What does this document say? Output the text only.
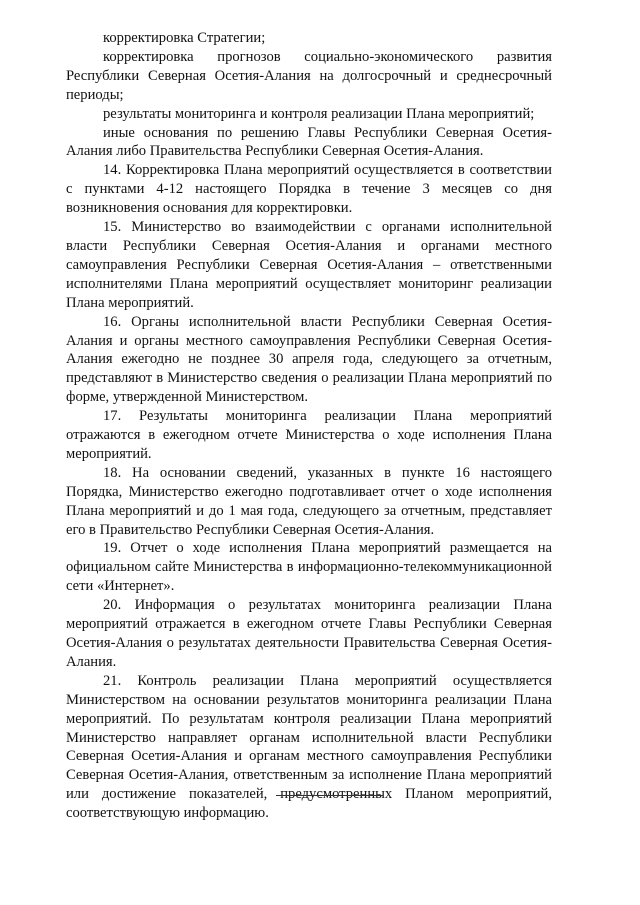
корректировка Стратегии;

корректировка прогнозов социально-экономического развития Республики Северная Осетия-Алания на долгосрочный и среднесрочный периоды;

результаты мониторинга и контроля реализации Плана мероприятий;

иные основания по решению Главы Республики Северная Осетия-Алания либо Правительства Республики Северная Осетия-Алания.

14. Корректировка Плана мероприятий осуществляется в соответствии с пунктами 4-12 настоящего Порядка в течение 3 месяцев со дня возникновения основания для корректировки.

15. Министерство во взаимодействии с органами исполнительной власти Республики Северная Осетия-Алания и органами местного самоуправления Республики Северная Осетия-Алания – ответственными исполнителями Плана мероприятий осуществляет мониторинг реализации Плана мероприятий.

16. Органы исполнительной власти Республики Северная Осетия-Алания и органы местного самоуправления Республики Северная Осетия-Алания ежегодно не позднее 30 апреля года, следующего за отчетным, представляют в Министерство сведения о реализации Плана мероприятий по форме, утвержденной Министерством.

17. Результаты мониторинга реализации Плана мероприятий отражаются в ежегодном отчете Министерства о ходе исполнения Плана мероприятий.

18. На основании сведений, указанных в пункте 16 настоящего Порядка, Министерство ежегодно подготавливает отчет о ходе исполнения Плана мероприятий и до 1 мая года, следующего за отчетным, представляет его в Правительство Республики Северная Осетия-Алания.

19. Отчет о ходе исполнения Плана мероприятий размещается на официальном сайте Министерства в информационно-телекоммуникационной сети «Интернет».

20. Информация о результатах мониторинга реализации Плана мероприятий отражается в ежегодном отчете Главы Республики Северная Осетия-Алания о результатах деятельности Правительства Северная Осетия-Алания.

21. Контроль реализации Плана мероприятий осуществляется Министерством на основании результатов мониторинга реализации Плана мероприятий. По результатам контроля реализации Плана мероприятий Министерство направляет органам исполнительной власти Республики Северная Осетия-Алания и органам местного самоуправления Республики Северная Осетия-Алания, ответственным за исполнение Плана мероприятий или достижение показателей, предусмотренных Планом мероприятий, соответствующую информацию.
